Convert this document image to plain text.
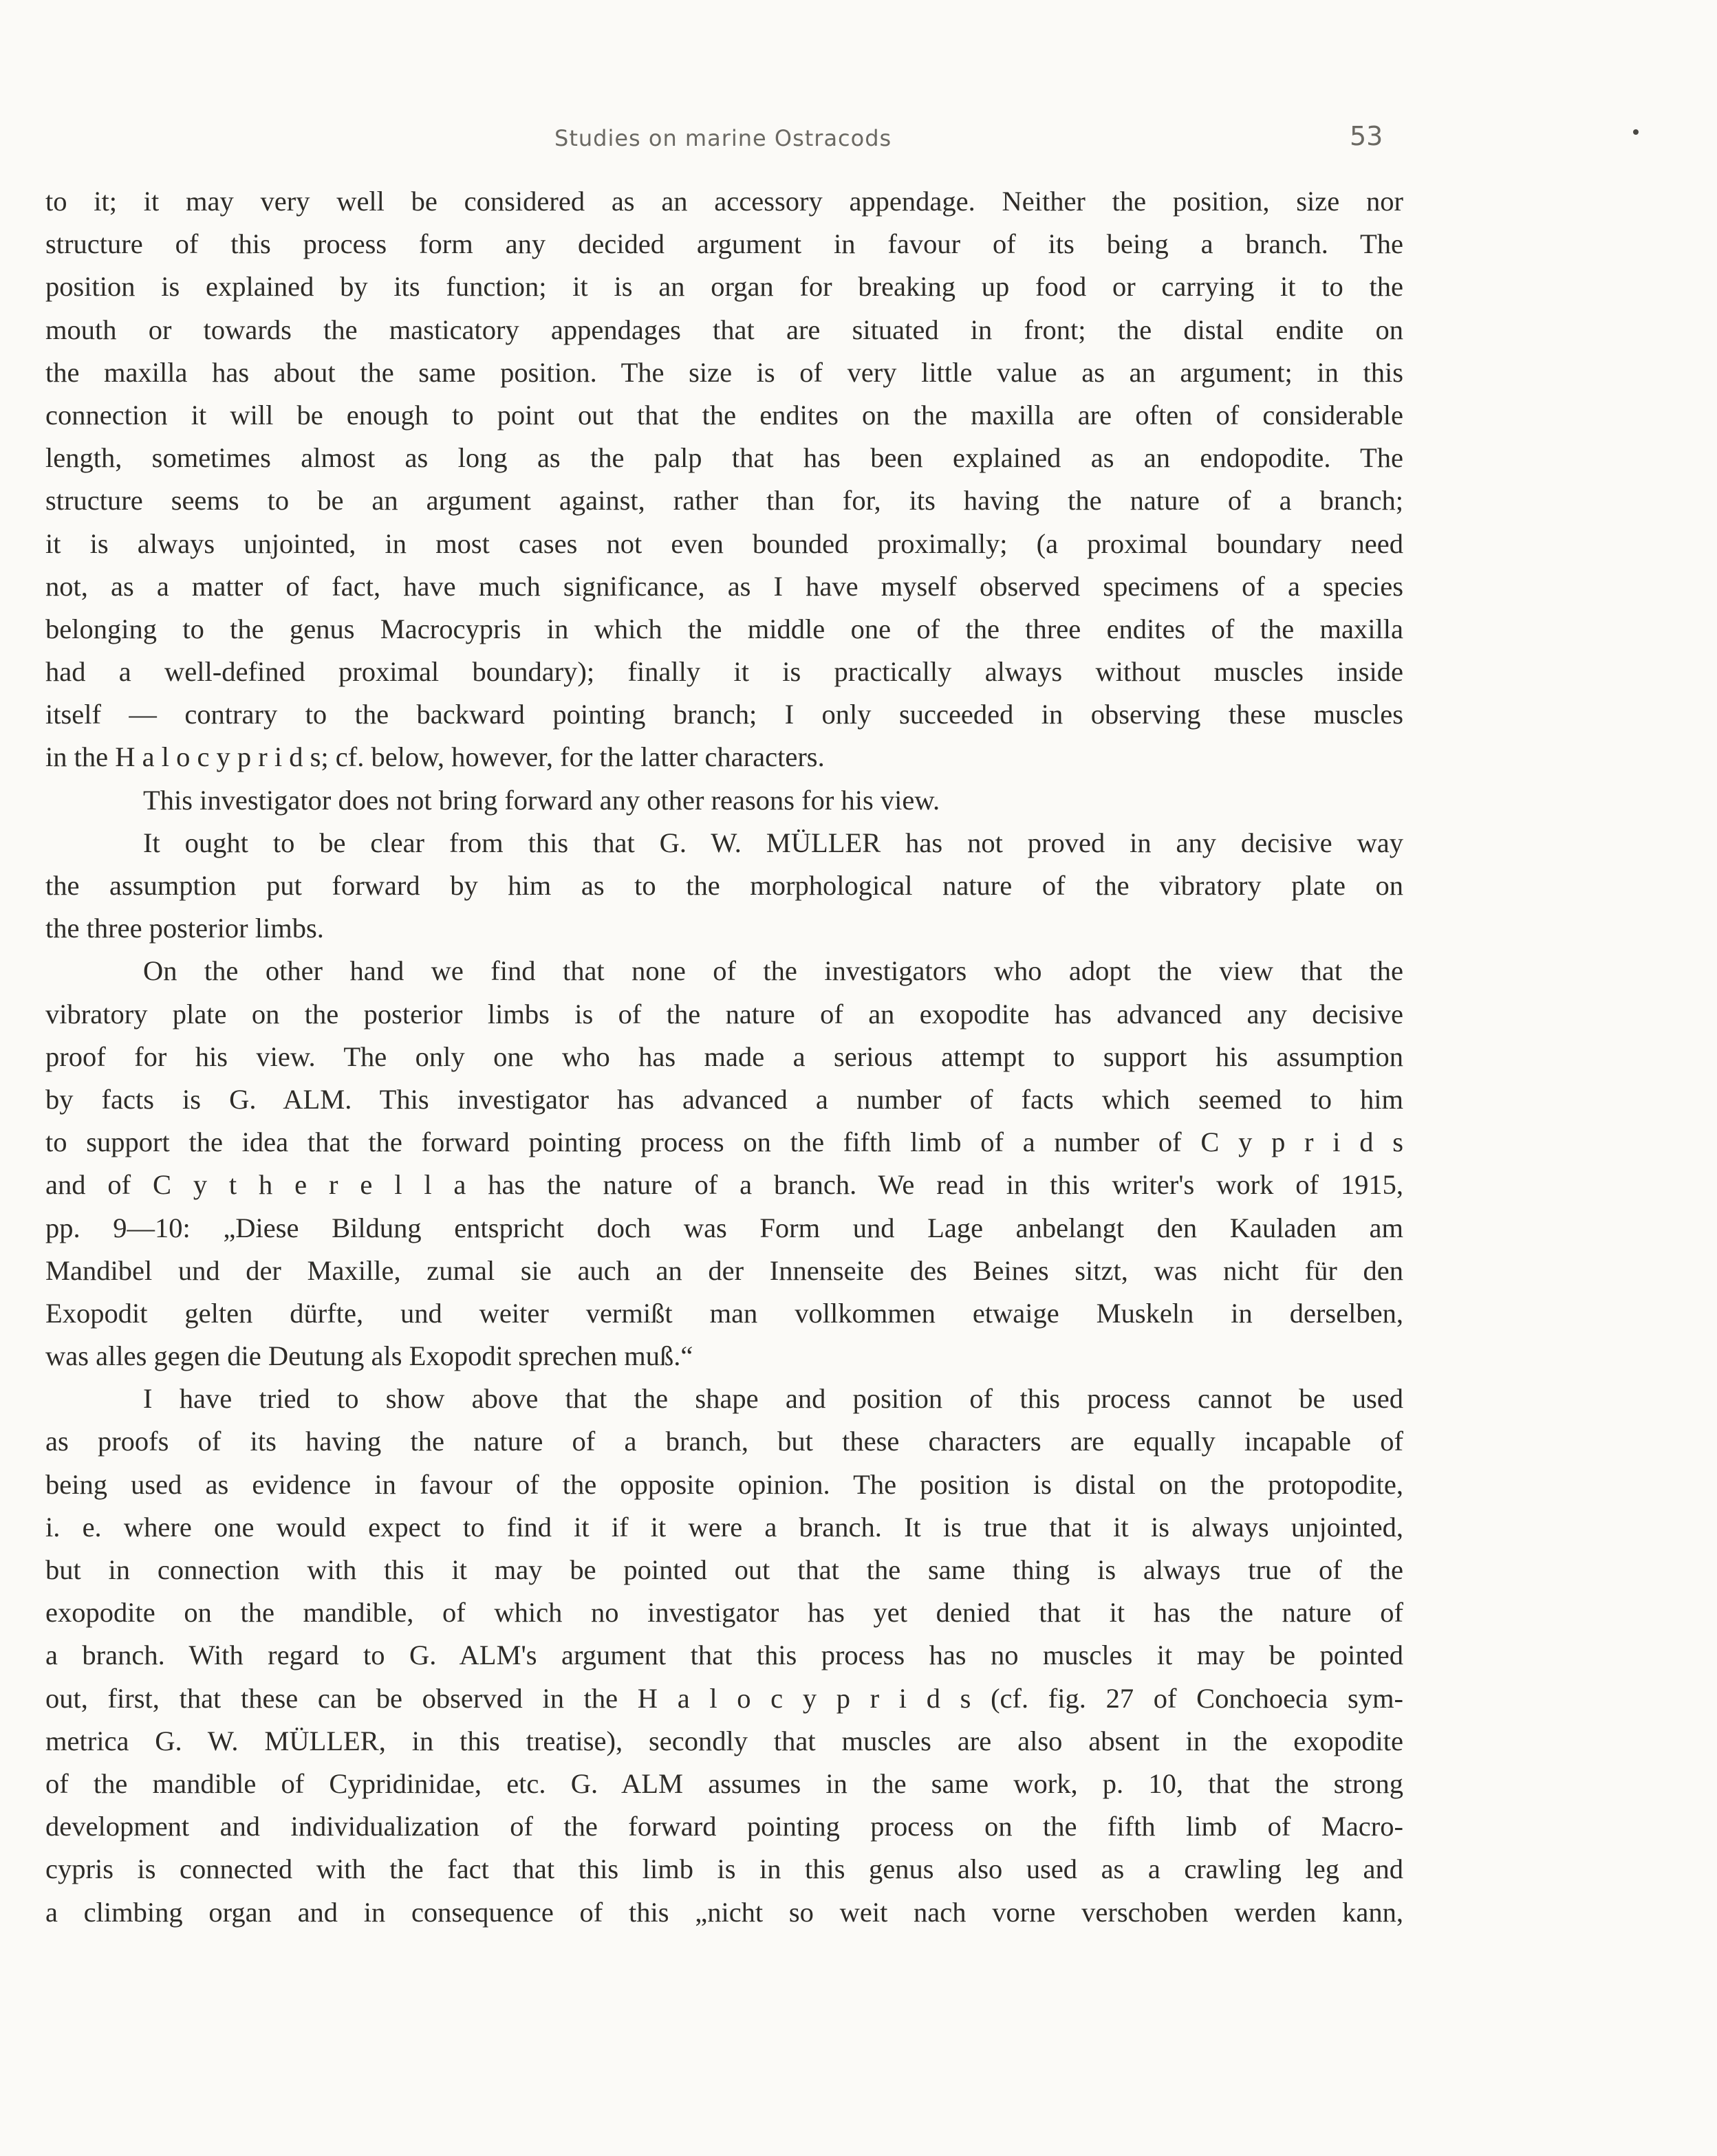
Studies on marine Ostracods	53
to it; it may very well be considered as an accessory appendage. Neither the position, size nor
structure of this process form any decided argument in favour of its being a branch. The
position is explained by its function; it is an organ for breaking up food or carrying it to the
mouth or towards the masticatory appendages that are situated in front; the distal endite on
the maxilla has about the same position. The size is of very little value as an argument; in this
connection it will be enough to point out that the endites on the maxilla are often of considerable
length, sometimes almost as long as the palp that has been explained as an endopodite. The
structure seems to be an argument against, rather than for, its having the nature of a branch;
it is always unjointed, in most cases not even bounded proximally; (a proximal boundary need
not, as a matter of fact, have much significance, as I have myself observed specimens of a species
belonging to the genus Macrocypris in which the middle one of the three endites of the maxilla
had a well-defined proximal boundary); finally it is practically always without muscles inside
itself — contrary to the backward pointing branch; I only succeeded in observing these muscles
in the H a l o c y p r i d s; cf. below, however, for the latter characters.
This investigator does not bring forward any other reasons for his view.
It ought to be clear from this that G. W. MÜLLER has not proved in any decisive way
the assumption put forward by him as to the morphological nature of the vibratory plate on
the three posterior limbs.
On the other hand we find that none of the investigators who adopt the view that the
vibratory plate on the posterior limbs is of the nature of an exopodite has advanced any decisive
proof for his view. The only one who has made a serious attempt to support his assumption
by facts is G. ALM. This investigator has advanced a number of facts which seemed to him
to support the idea that the forward pointing process on the fifth limb of a number of C y p r i d s
and of C y t h e r e l l a has the nature of a branch. We read in this writer's work of 1915,
pp. 9—10: „Diese Bildung entspricht doch was Form und Lage anbelangt den Kauladen am
Mandibel und der Maxille, zumal sie auch an der Innenseite des Beines sitzt, was nicht für den
Exopodit gelten dürfte, und weiter vermißt man vollkommen etwaige Muskeln in derselben,
was alles gegen die Deutung als Exopodit sprechen muß.“
I have tried to show above that the shape and position of this process cannot be used
as proofs of its having the nature of a branch, but these characters are equally incapable of
being used as evidence in favour of the opposite opinion. The position is distal on the protopodite,
i. e. where one would expect to find it if it were a branch. It is true that it is always unjointed,
but in connection with this it may be pointed out that the same thing is always true of the
exopodite on the mandible, of which no investigator has yet denied that it has the nature of
a branch. With regard to G. ALM's argument that this process has no muscles it may be pointed
out, first, that these can be observed in the H a l o c y p r i d s (cf. fig. 27 of Conchoecia sym-
metrica G. W. MÜLLER, in this treatise), secondly that muscles are also absent in the exopodite
of the mandible of Cypridinidae, etc. G. ALM assumes in the same work, p. 10, that the strong
development and individualization of the forward pointing process on the fifth limb of Macro-
cypris is connected with the fact that this limb is in this genus also used as a crawling leg and
a climbing organ and in consequence of this „nicht so weit nach vorne verschoben werden kann,
